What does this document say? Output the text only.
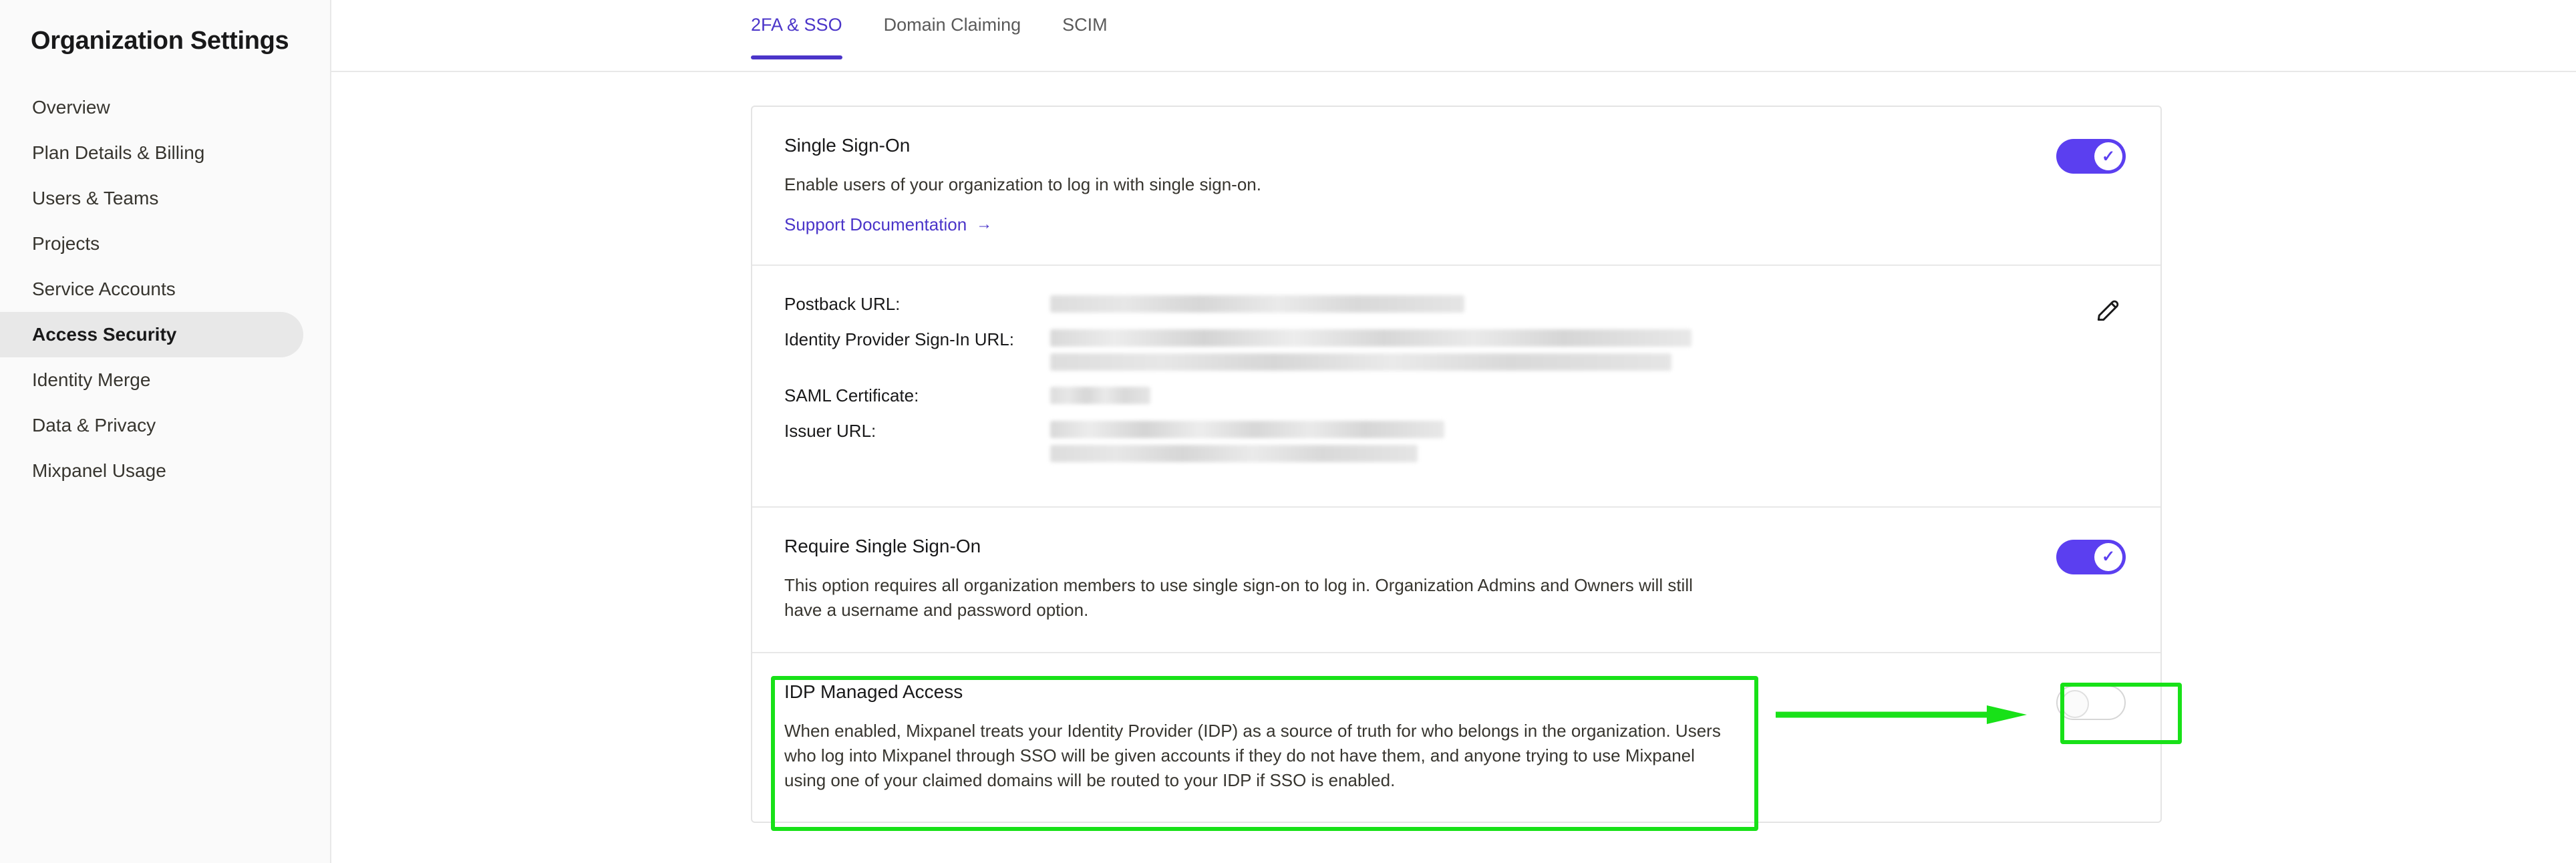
Organization Settings
Overview
Plan Details & Billing
Users & Teams
Projects
Service Accounts
Access Security
Identity Merge
Data & Privacy
Mixpanel Usage
2FA & SSO Domain Claiming SCIM
Single Sign-On
Enable users of your organization to log in with single sign-on.
Support Documentation →
✓
Postback URL:	

Identity Provider Sign-In URL:	

SAML Certificate:	

Issuer URL:	
Require Single Sign-On
This option requires all organization members to use single sign-on to log in. Organization Admins and Owners will still have a username and password option.
✓
IDP Managed Access
When enabled, Mixpanel treats your Identity Provider (IDP) as a source of truth for who belongs in the organization. Users who log into Mixpanel through SSO will be given accounts if they do not have them, and anyone trying to use Mixpanel using one of your claimed domains will be routed to your IDP if SSO is enabled.
